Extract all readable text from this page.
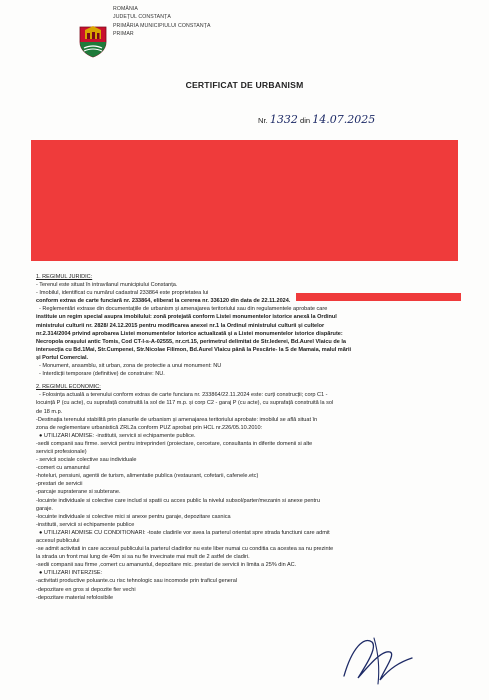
ROMÂNIA
JUDEȚUL CONSTANȚA
PRIMĂRIA MUNICIPIULUI CONSTANȚA
PRIMAR
CERTIFICAT DE URBANISM
Nr. 1332 din 14.07.2025

1. REGIMUL JURIDIC:

- Terenul este situat în intravilanul municipiului Constanța.

- Imobilul, identificat cu numărul cadastral 233864 este proprietatea lui

conform extras de carte funciară nr. 233864, eliberat la cererea nr. 336120 din data de 22.11.2024.

- Reglementări extrase din documentațiile de urbanism și amenajarea teritoriului sau din regulamentele aprobate care

instituie un regim special asupra imobilului: zonă protejată conform Listei monumentelor istorice anexă la Ordinul

ministrului culturii nr. 2828/ 24.12.2015 pentru modificarea anexei nr.1 la Ordinul ministrului culturii și cultelor

nr.2.314/2004 privind aprobarea Listei monumentelor istorice actualizată și a Listei monumentelor istorice dispărute:

Necropola orașului antic Tomis, Cod CT-I-s-A-02555, nr.crt.15, perimetrul delimitat de Str.Iederei, Bd.Aurel Vlaicu de la

intersecția cu Bd.1Mai, Str.Cumpenei, Str.Nicolae Filimon, Bd.Aurel Vlaicu până la Pescărie- la S de Mamaia, malul mării

și Portul Comercial.

- Monument, ansamblu, sit urban, zona de protectie a unui monument: NU

- Interdicții temporare (definitive) de construire: NU.

2. REGIMUL ECONOMIC:

- Folosința actuală a terenului conform extras de carte funciara nr. 233864/22.11.2024 este: curți construcții; corp C1 -

locuință P (cu acte), cu suprafață construită la sol de 117 m.p. și corp C2 - garaj P (cu acte), cu suprafață construită la sol

de 18 m.p.

-Destinația terenului stabilită prin planurile de urbanism și amenajarea teritoriului aprobate: imobilul se află situat în

zona de reglementare urbanistică ZRL2a conform PUZ aprobat prin HCL nr.226/05.10.2010:

● UTILIZARI ADMISE: -institutii, servicii si echipamente publice.

-sedii companii sau firme. servicii pentru intreprinderi (proiectare, cercetare, consultanta in diferite domenii si alte

servicii profesionale)

- servicii sociale colective sau individuale

-comert cu amanuntul

-hoteluri, pensiuni, agentii de turism, alimentatie publica (restaurant, cofetarii, cafenele.etc)

-prestari de servicii

-parcaje supraterane si subterane.

-locuinte individuale si colective care includ si spatii cu acces public la nivelul subsol/parter/mezanin si anexe pentru

garaje.

-locuinte individuale si colective mici si anexe pentru garaje, depozitare casnica

-institutii, servicii si echipamente publice

● UTILIZARI ADMISE CU CONDITIONARI: -toate cladirile vor avea la parterul orientat spre strada functiuni care admit

accesul publicului

-se admit activitati in care accesul publicului la parterul cladirilor nu este liber numai cu conditia ca acestea sa nu prezinte

la strada un front mai lung de 40m si sa nu fie invecinate mai mult de 2 astfel de cladiri.

-sedii companii sau firme ,comert cu amanuntul, depozitare mic. prestari de servicii in limita a 25% din AC.

● UTILIZARI INTERZISE:

-activitati productive poluante.cu risc tehnologic sau incomode prin traficul general

-depozitare en gros si depozite fier vechi

-depozitare material refolosibile
